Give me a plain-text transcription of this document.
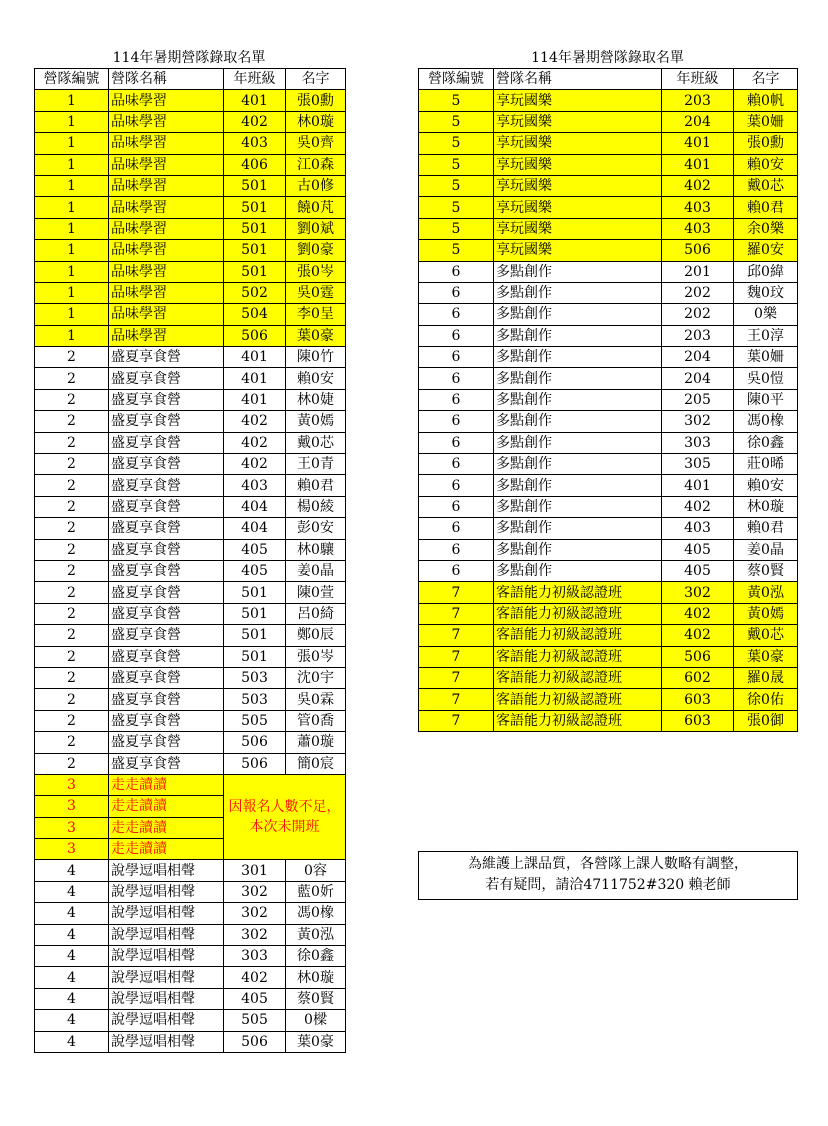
114年暑期營隊錄取名單	114年暑期營隊錄取名單
營隊編號	營隊名稱	年班級	名字
1	品味學習	401	張0勳
1	品味學習	402	林0璇
1	品味學習	403	吳0齊
1	品味學習	406	江0森
1	品味學習	501	古0修
1	品味學習	501	饒0芃
1	品味學習	501	劉0斌
1	品味學習	501	劉0豪
1	品味學習	501	張0岑
1	品味學習	502	吳0霆
1	品味學習	504	李0呈
1	品味學習	506	葉0豪
2	盛夏享食營	401	陳0竹
2	盛夏享食營	401	賴0安
2	盛夏享食營	401	林0婕
2	盛夏享食營	402	黃0嫣
2	盛夏享食營	402	戴0芯
2	盛夏享食營	402	王0青
2	盛夏享食營	403	賴0君
2	盛夏享食營	404	楊0綾
2	盛夏享食營	404	彭0安
2	盛夏享食營	405	林0驤
2	盛夏享食營	405	姜0晶
2	盛夏享食營	501	陳0萱
2	盛夏享食營	501	呂0綺
2	盛夏享食營	501	鄭0辰
2	盛夏享食營	501	張0岑
2	盛夏享食營	503	沈0宇
2	盛夏享食營	503	吳0霖
2	盛夏享食營	505	管0喬
2	盛夏享食營	506	蕭0璇
2	盛夏享食營	506	簡0宸
3	走走讀讀	因報名人數不足，本次未開班	
3	走走讀讀		
3	走走讀讀		
3	走走讀讀		
4	說學逗唱相聲	301	0容
4	說學逗唱相聲	302	藍0妡
4	說學逗唱相聲	302	馮0橡
4	說學逗唱相聲	302	黃0泓
4	說學逗唱相聲	303	徐0鑫
4	說學逗唱相聲	402	林0璇
4	說學逗唱相聲	405	蔡0賢
4	說學逗唱相聲	505	0樑
4	說學逗唱相聲	506	葉0豪
營隊編號	營隊名稱	年班級	名字
5	享玩國樂	203	賴0帆
5	享玩國樂	204	葉0姍
5	享玩國樂	401	張0勳
5	享玩國樂	401	賴0安
5	享玩國樂	402	戴0芯
5	享玩國樂	403	賴0君
5	享玩國樂	403	余0樂
5	享玩國樂	506	羅0安
6	多點創作	201	邱0緯
6	多點創作	202	魏0玟
6	多點創作	202	0樂
6	多點創作	203	王0淳
6	多點創作	204	葉0姍
6	多點創作	204	吳0愷
6	多點創作	205	陳0平
6	多點創作	302	馮0橡
6	多點創作	303	徐0鑫
6	多點創作	305	莊0晞
6	多點創作	401	賴0安
6	多點創作	402	林0璇
6	多點創作	403	賴0君
6	多點創作	405	姜0晶
6	多點創作	405	蔡0賢
7	客語能力初級認證班	302	黃0泓
7	客語能力初級認證班	402	黃0嫣
7	客語能力初級認證班	402	戴0芯
7	客語能力初級認證班	506	葉0豪
7	客語能力初級認證班	602	羅0晟
7	客語能力初級認證班	603	徐0佑
7	客語能力初級認證班	603	張0御
為維護上課品質，各營隊上課人數略有調整，
若有疑問，請洽4711752#320 賴老師
